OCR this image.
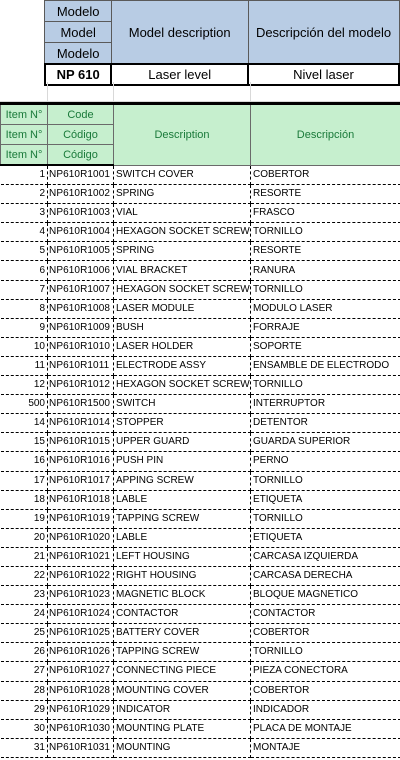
	Modelo	Model description	Descripción del modelo
	Model		
	Modelo		
	NP 610	Laser level	Nivel laser
Item N°	Code	Description	Descripción
Item N°	Código		
Item N°	Código		
1	NP610R1001	SWITCH COVER	COBERTOR
2	NP610R1002	SPRING	RESORTE
3	NP610R1003	VIAL	FRASCO
4	NP610R1004	HEXAGON SOCKET SCREW	TORNILLO
5	NP610R1005	SPRING	RESORTE
6	NP610R1006	VIAL BRACKET	RANURA
7	NP610R1007	HEXAGON SOCKET SCREW	TORNILLO
8	NP610R1008	LASER MODULE	MODULO LASER
9	NP610R1009	BUSH	FORRAJE
10	NP610R1010	LASER HOLDER	SOPORTE
11	NP610R1011	ELECTRODE ASSY	ENSAMBLE DE ELECTRODO
12	NP610R1012	HEXAGON SOCKET SCREW	TORNILLO
500	NP610R1500	SWITCH	INTERRUPTOR
14	NP610R1014	STOPPER	DETENTOR
15	NP610R1015	UPPER GUARD	GUARDA SUPERIOR
16	NP610R1016	PUSH PIN	PERNO
17	NP610R1017	APPING SCREW	TORNILLO
18	NP610R1018	LABLE	ETIQUETA
19	NP610R1019	TAPPING SCREW	TORNILLO
20	NP610R1020	LABLE	ETIQUETA
21	NP610R1021	LEFT HOUSING	CARCASA IZQUIERDA
22	NP610R1022	RIGHT HOUSING	CARCASA DERECHA
23	NP610R1023	MAGNETIC BLOCK	BLOQUE MAGNETICO
24	NP610R1024	CONTACTOR	CONTACTOR
25	NP610R1025	BATTERY COVER	COBERTOR
26	NP610R1026	TAPPING SCREW	TORNILLO
27	NP610R1027	CONNECTING PIECE	PIEZA CONECTORA
28	NP610R1028	MOUNTING COVER	COBERTOR
29	NP610R1029	INDICATOR	INDICADOR
30	NP610R1030	MOUNTING PLATE	PLACA DE MONTAJE
31	NP610R1031	MOUNTING	MONTAJE
